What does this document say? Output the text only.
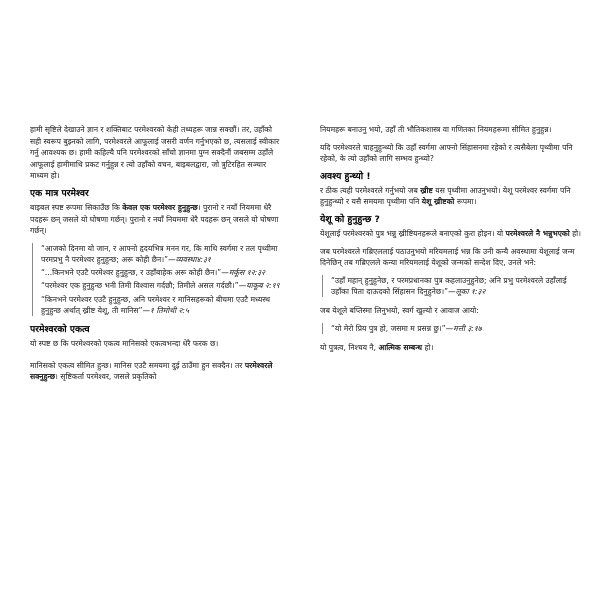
हामी सृष्टिले देखाउने ज्ञान र शक्तिबाट परमेश्वरको केही तथ्यहरू जान्न सक्छौं। तर, उहाँको सही स्वरूप बुझ्नको लागि, परमेश्वरले आफूलाई जसरी वर्णन गर्नुभएको छ, त्यसलाई स्वीकार गर्नु आवश्यक छ। हामी कहिल्यै पनि परमेश्वरको साँचो ज्ञानमा पुग्न सक्दैनौं जबसम्म उहाँले आफूलाई हामीमाथि प्रकट गर्नुहुन्न र त्यो उहाँको वचन, बाइबलद्वारा, जो त्रुटिरहित सञ्चार माध्यम हो।

एक मात्र परमेश्वर

बाइबल स्पष्ट रूपमा सिकाउँछ कि केवल एक परमेश्वर हुनुहुन्छ। पुरानो र नयाँ नियममा धेरै पदहरू छन् जसले यो घोषणा गर्छन्। पुरानो र नयाँ नियममा धेरै पदहरू छन् जसले यो घोषणा गर्छन्।

“आजको दिनमा यो जान, र आफ्नो हृदयभित्र मनन गर, कि माथि स्वर्गमा र तल पृथ्वीमा परमप्रभु नै परमेश्वर हुनुहुन्छ; अरू कोही छैन।”—व्यवस्था४:३१

“...किनभने एउटै परमेश्वर हुनुहुन्छ, र उहाँबाहेक अरू कोही छैन।”—मर्कूस १२:३२

“परमेश्वर एक हुनुहुन्छ भनी तिमी विश्वास गर्दछौ; तिमीले असल गर्दछौ।”—याकूब २:१९

“किनभने परमेश्वर एउटै हुनुहुन्छ, अनि परमेश्वर र मानिसहरूको बीचमा एउटै मध्यस्थ हुनुहुन्छ अर्थात् ख्रीष्ट येशू, ती मानिस”—१ तिमोथी २:५

परमेश्वरको एकत्व

यो स्पष्ट छ कि परमेश्वरको एकत्व मानिसको एकत्वभन्दा धेरै फरक छ।

मानिसको एकत्व सीमित हुन्छ। मानिस एउटै समयमा दुई ठाउँमा हुन सक्दैन। तर परमेश्वरले सक्नुहुन्छ। सृष्टिकर्ता परमेश्वर, जसले प्रकृतिको

नियमहरू बनाउनु भयो, उहाँ ती भौतिकशास्त्र वा गणितका नियमहरूमा सीमित हुनुहुन्न।

यदि परमेश्वरले चाहनुहुन्थ्यो कि उहाँ स्वर्गमा आफ्नो सिंहासनमा रहेको र त्यसैबेला पृथ्वीमा पनि रहेको, के त्यो उहाँको लागि सम्भव हुन्थ्यो?

अवश्य हुन्थ्यो !

र ठीक त्यही परमेश्वरले गर्नुभयो जब ख्रीष्ट यस पृथ्वीमा आउनुभयो। येशू परमेश्वर स्वर्गमा पनि हुनुहुन्थ्यो र यसै समयमा पृथ्वीमा पनि येशू ख्रीष्टको रूपमा।

येशू को हुनुहुन्छ ?

येशूलाई परमेश्वरको पुत्र भन्नु ख्रीष्टियनहरूले बनाएको कुरा होइन। यो परमेश्वरले नै भन्नुभएको हो।

जब परमेश्वरले गब्रिएललाई पठाउनुभयो मरियमलाई भन्न कि उनी कन्यै अवस्थामा येशूलाई जन्म दिनेछिन् तब गब्रिएलले कन्या मरियमलाई येशूको जन्मको सन्देश दिए, उनले भने:

“उहाँ महान् हुनुहुनेछ, र परमप्रधानका पुत्र कहलाउनुहुनेछ; अनि प्रभु परमेश्वरले उहाँलाई उहाँका पिता दाऊदको सिंहासन दिनुहुनेछ।”—लूका १:३२

जब येशूले बप्तिस्मा लिनुभयो, स्वर्ग खुल्यो र आवाज आयो:

“यो मेरो प्रिय पुत्र हो, जसमा म प्रसन्न छु।”—मत्ती ३:१७

यो पुत्रत्व, निश्चय नै, आत्मिक सम्बन्ध हो।
